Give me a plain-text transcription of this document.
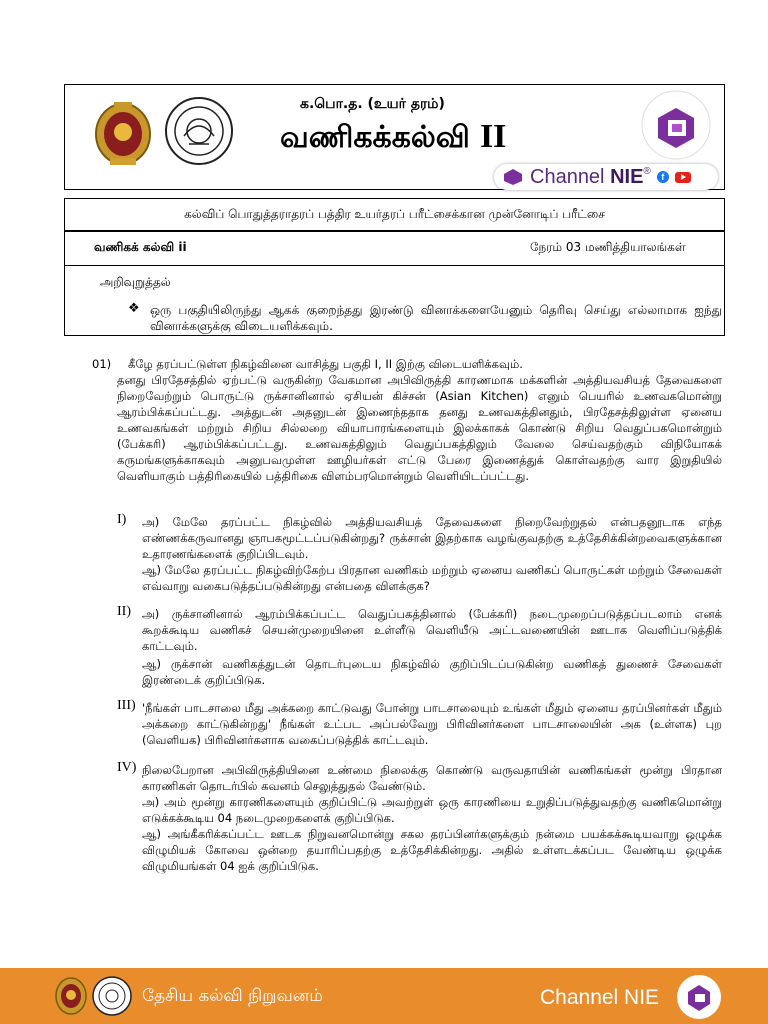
க.பொ.த. (உயர் தரம்)
வணிகக்கல்வி II
Channel NIE®
f
கல்விப் பொதுத்தராதரப் பத்திர உயர்தரப் பரீட்சைக்கான முன்னோடிப் பரீட்சை
வணிகக் கல்வி ii	நேரம் 03 மணித்தியாலங்கள்
அறிவுறுத்தல்
❖ ஒரு பகுதியிலிருந்து ஆகக் குறைந்தது இரண்டு வினாக்களையேனும் தெரிவு செய்து எல்லாமாக ஐந்து வினாக்களுக்கு விடையளிக்கவும்.
01) கீழே தரப்பட்டுள்ள நிகழ்வினை வாசித்து பகுதி I, II இற்கு விடையளிக்கவும்.
தனது பிரதேசத்தில் ஏற்பட்டு வருகின்ற வேகமான அபிவிருத்தி காரணமாக மக்களின் அத்தியவசியத் தேவைகளை நிறைவேற்றும் பொருட்டு ருக்சானினால் ஏசியன் கிச்சன் (Asian Kitchen) எனும் பெயரில் உணவகமொன்று ஆரம்பிக்கப்பட்டது. அத்துடன் அதனுடன் இணைந்ததாக தனது உணவகத்தினதும், பிரதேசத்திலுள்ள ஏனைய உணவகங்கள் மற்றும் சிறிய சில்லறை வியாபாரங்களையும் இலக்காகக் கொண்டு சிறிய வெதுப்பகமொன்றும் (பேக்கரி) ஆரம்பிக்கப்பட்டது. உணவகத்திலும் வெதுப்பகத்திலும் வேலை செய்வதற்கும் விநியோகக் கருமங்களுக்காகவும் அனுபவமுள்ள ஊழியர்கள் எட்டு பேரை இணைத்துக் கொள்வதற்கு வார இறுதியில் வெளியாகும் பத்திரிகையில் பத்திரிகை விளம்பரமொன்றும் வெளியிடப்பட்டது.
I) அ) மேலே தரப்பட்ட நிகழ்வில் அத்தியவசியத் தேவைகளை நிறைவேற்றுதல் என்பதனூடாக எந்த எண்ணக்கருவானது ஞாபகமூட்டப்படுகின்றது? ருக்சான் இதற்காக வழங்குவதற்கு உத்தேசிக்கின்றவைகளுக்கான உதாரணங்களைக் குறிப்பிடவும்.
ஆ) மேலே தரப்பட்ட நிகழ்விற்கேற்ப பிரதான வணிகம் மற்றும் ஏனைய வணிகப் பொருட்கள் மற்றும் சேவைகள் எவ்வாறு வகைபடுத்தப்படுகின்றது என்பதை விளக்குக?
II) அ) ருக்சானினால் ஆரம்பிக்கப்பட்ட வெதுப்பகத்தினால் (பேக்கரி) நடைமுறைப்படுத்தப்படலாம் எனக் கூறக்கூடிய வணிகச் செயன்முறையினை உள்ளீடு வெளியீடு அட்டவணையின் ஊடாக வெளிப்படுத்திக் காட்டவும்.
ஆ) ருக்சான் வணிகத்துடன் தொடர்புடைய நிகழ்வில் குறிப்பிடப்படுகின்ற வணிகத் துணைச் சேவைகள் இரண்டைக் குறிப்பிடுக.
III) 'நீங்கள் பாடசாலை மீது அக்கறை காட்டுவது போன்று பாடசாலையும் உங்கள் மீதும் ஏனைய தரப்பினர்கள் மீதும் அக்கறை காட்டுகின்றது' நீங்கள் உட்பட அப்பல்வேறு பிரிவினர்களை பாடசாலையின் அக (உள்ளக) புற (வெளியக) பிரிவினர்களாக வகைப்படுத்திக் காட்டவும்.
IV) நிலைபேறான அபிவிருத்தியினை உண்மை நிலைக்கு கொண்டு வருவதாயின் வணிகங்கள் மூன்று பிரதான காரணிகள் தொடர்பில் கவனம் செலுத்துதல் வேண்டும்.
அ) அம் மூன்று காரணிகளையும் குறிப்பிட்டு அவற்றுள் ஒரு காரணியை உறுதிப்படுத்துவதற்கு வணிகமொன்று எடுக்கக்கூடிய 04 நடைமுறைகளைக் குறிப்பிடுக.
ஆ) அங்கீகரிக்கப்பட்ட ஊடக நிறுவனமொன்று சகல தரப்பினர்களுக்கும் நன்மை பயக்கக்கூடியவாறு ஒழுக்க விழுமியக் கோவை ஒன்றை தயாரிப்பதற்கு உத்தேசிக்கின்றது. அதில் உள்ளடக்கப்பட வேண்டிய ஒழுக்க விழுமியங்கள் 04 ஐக் குறிப்பிடுக.
தேசிய கல்வி நிறுவனம்	Channel NIE
